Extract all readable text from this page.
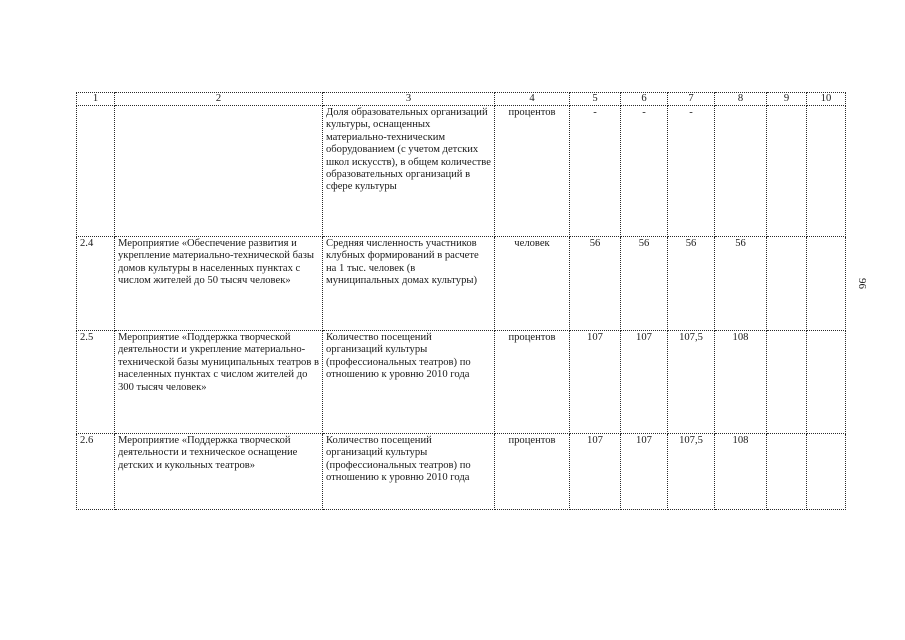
1	2	3	4	5	6	7	8	9	10
		Доля образовательных организаций культуры, оснащенных материально-техническим оборудованием (с учетом детских школ искусств), в общем количестве образовательных организаций в сфере культуры	процентов	-	-	-			
2.4	Мероприятие «Обеспечение развития и укрепление материально-технической базы домов культуры в населенных пунктах с числом жителей до 50 тысяч человек»	Средняя численность участников клубных формирований в расчете на 1 тыс. человек (в муниципальных домах культуры)	человек	56	56	56	56		
2.5	Мероприятие «Поддержка творческой деятельности и укрепление материально-технической базы муниципальных театров в населенных пунктах с числом жителей до 300 тысяч человек»	Количество посещений организаций культуры (профессиональных театров) по отношению к уровню 2010 года	процентов	107	107	107,5	108		
2.6	Мероприятие «Поддержка творческой деятельности и техническое оснащение детских и кукольных театров»	Количество посещений организаций культуры (профессиональных театров) по отношению к уровню 2010 года	процентов	107	107	107,5	108		
96
